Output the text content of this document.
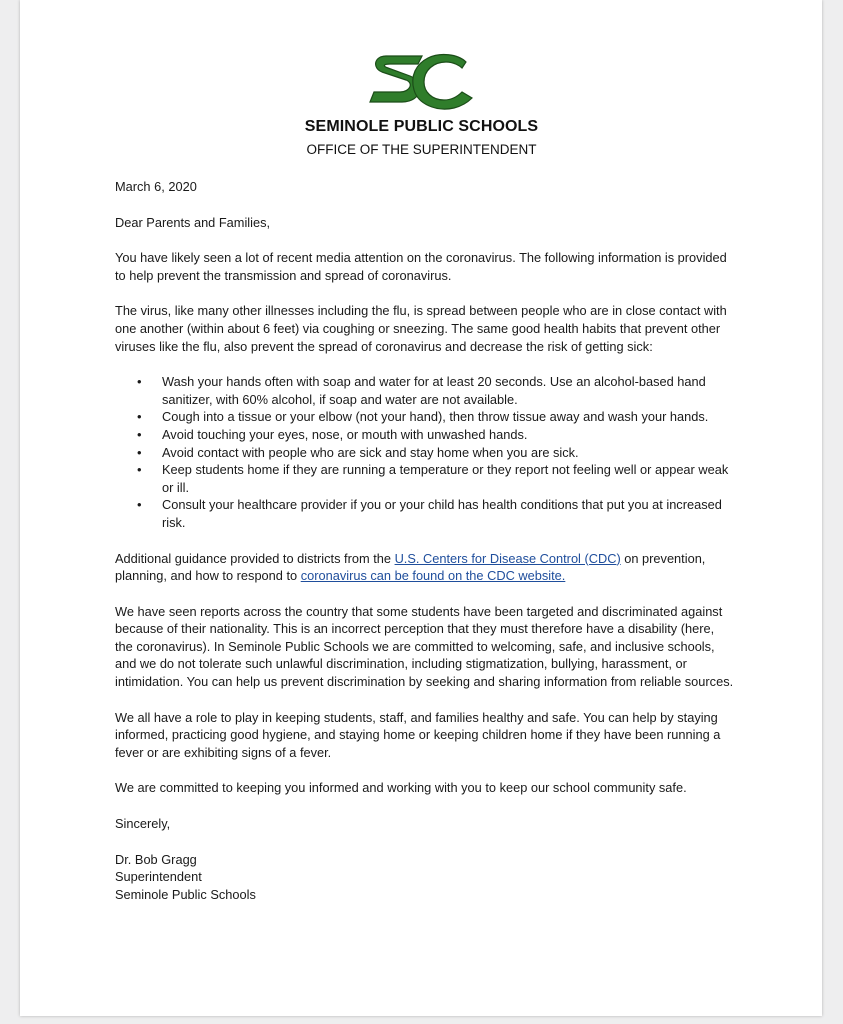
SEMINOLE PUBLIC SCHOOLS
OFFICE OF THE SUPERINTENDENT

March 6, 2020

Dear Parents and Families,

You have likely seen a lot of recent media attention on the coronavirus. The following information is provided to help prevent the transmission and spread of coronavirus.

The virus, like many other illnesses including the flu, is spread between people who are in close contact with one another (within about 6 feet) via coughing or sneezing. The same good health habits that prevent other viruses like the flu, also prevent the spread of coronavirus and decrease the risk of getting sick:

• Wash your hands often with soap and water for at least 20 seconds. Use an alcohol-based hand sanitizer, with 60% alcohol, if soap and water are not available.
• Cough into a tissue or your elbow (not your hand), then throw tissue away and wash your hands.
• Avoid touching your eyes, nose, or mouth with unwashed hands.
• Avoid contact with people who are sick and stay home when you are sick.
• Keep students home if they are running a temperature or they report not feeling well or appear weak or ill.
• Consult your healthcare provider if you or your child has health conditions that put you at increased risk.

Additional guidance provided to districts from the U.S. Centers for Disease Control (CDC) on prevention, planning, and how to respond to coronavirus can be found on the CDC website.

We have seen reports across the country that some students have been targeted and discriminated against because of their nationality. This is an incorrect perception that they must therefore have a disability (here, the coronavirus). In Seminole Public Schools we are committed to welcoming, safe, and inclusive schools, and we do not tolerate such unlawful discrimination, including stigmatization, bullying, harassment, or intimidation. You can help us prevent discrimination by seeking and sharing information from reliable sources.

We all have a role to play in keeping students, staff, and families healthy and safe. You can help by staying informed, practicing good hygiene, and staying home or keeping children home if they have been running a fever or are exhibiting signs of a fever.

We are committed to keeping you informed and working with you to keep our school community safe.

Sincerely,

Dr. Bob Gragg

Superintendent

Seminole Public Schools
